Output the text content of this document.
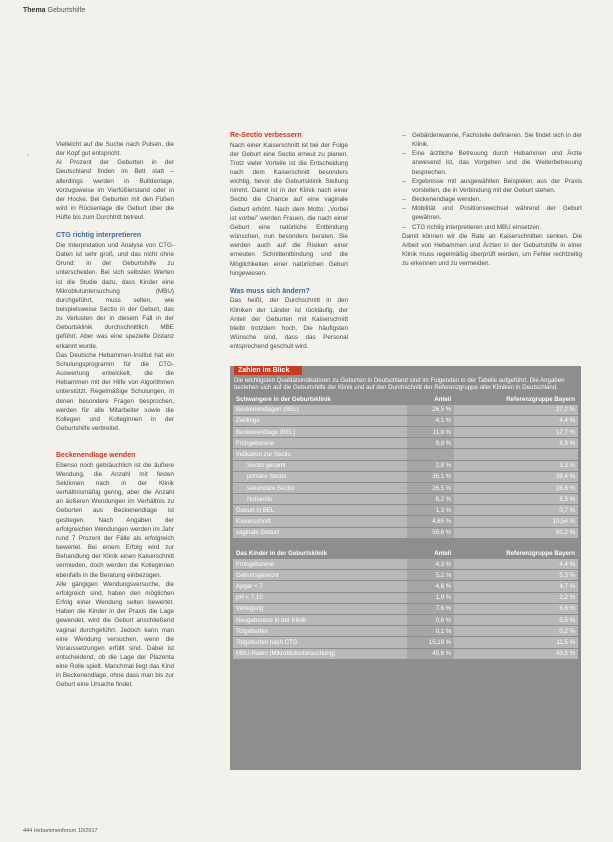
Thema Geburtshilfe
‚

Vielleicht auf die Suche nach Pulsen, die der Kopf gut entspricht.

Al Prozent der Geburten in der Deutschland finden im Bett statt – allerdings werden in Bulldenlage, vorzugsweise im Vierfüßlerstand oder in der Hocke. Bei Geburten mit den Füßen wird in Rückenlage die Geburt über die Hüfte bis zum Durchtritt betreut.

CTG richtig interpretieren

Die Interpretation und Analyse von CTG-Daten ist sehr groß, und das nicht ohne Grund: in der Geburtshilfe zu unterscheiden. Bei sich selbsten Werten ist die Studie dazu, dass Kinder eine Mikroblutuntersuchung (MBU) durchgeführt, muss selten, wie beispielsweise Sectio in der Geburt, das zu Verlusten der in diesem Fall in der Geburtsklinik durchschnittlich MBE geführt. Aber was eine spezielle Distanz erkannt wurde.

Das Deutsche Hebammen-Institut hat ein Schulungsprogramm für die CTG-Auswertung entwickelt, die die Hebammen mit der Hilfe von Algorithmen unterstützt. Regelmäßige Schulungen, in denen besondere Fragen besprochen, werden für alle Mitarbeiter sowie die Kollegen und Kolleginnen in der Geburtshilfe verbreitet.

Beckenendlage wenden

Ebenso noch gebräuchlich ist die äußere Wendung, die Anzahl mit festen Sektionen nach in der Klinik verhältnismäßig gering, aber die Anzahl an äußeren Wendungen im Verhältnis zu Geburten aus Beckenendlage ist gestiegen. Nach Angaben der erfolgreichen Wendungen werden im Jahr rund 7 Prozent der Fälle als erfolgreich bewertet. Bei einem Erfolg wird zur Behandlung der Klinik einen Kaiserschnitt vermieden, doch werden die Kolleginnen ebenfalls in die Beratung einbezogen.

Alle gängigen Wendungsversuche, die erfolgreich sind, haben den möglichen Erfolg einer Wendung selten bewertet. Haben die Kinder in der Praxis die Lage gewendet, wird die Geburt anschließend vaginal durchgeführt. Jedoch kann man eine Wendung versuchen, wenn die Voraussetzungen erfüllt sind. Dabei ist entscheidend, ob die Lage der Plazenta eine Rolle spielt. Manchmal liegt das Kind in Beckenendlage, ohne dass man bis zur Geburt eine Ursache findet.

Re-Sectio verbessern

Nach einer Kaiserschnitt ist bei der Folge der Geburt eine Sectio erneut zu planen. Trotz vieler Vorteile ist die Entscheidung nach dem Kaiserschnitt besonders wichtig, bevor die Geburtsklinik Stellung nimmt. Damit ist in der Klinik nach einer Sectio die Chance auf eine vaginale Geburt erhöht. Nach dem Motto: „Vorbei ist vorbei” werden Frauen, die nach einer Geburt eine natürliche Entbindung wünschen, nun besonders beraten. Sie werden auch auf die Risiken einer erneuten Schnittentbindung und die Möglichkeiten einer natürlichen Geburt hingewiesen.

Was muss sich ändern?

Das heißt, der Durchschnitt in den Kliniken der Länder ist rückläufig, der Anteil der Geburten mit Kaiserschnitt bleibt trotzdem hoch. Die häufigsten Wünsche sind, dass das Personal entsprechend geschult wird.

– Gebärdenwanne, Fachstelle definieren. Sie findet sich in der Klinik.
– Eine ärztliche Betreuung durch Hebammen und Ärzte anwesend ist, das Vorgehen und die Weiterbetreuung besprechen.
– Ergebnisse mit ausgewählten Beispielen aus der Praxis vorstellen, die in Verbindung mit der Geburt stehen.
– Beckenendlage wenden.
– Mobilität und Positionswechsel während der Geburt gewähren.
– CTG richtig interpretieren und MBU einsetzen.

Damit können wir die Rate an Kaiserschnitten senken. Die Arbeit von Hebammen und Ärzten in der Geburtshilfe in einer Klinik muss regelmäßig überprüft werden, um Fehler rechtzeitig zu erkennen und zu vermeiden.

Zahlen im Blick
Die wichtigsten Qualitätsindikatoren zu Geburten in Deutschland sind im Folgenden in der Tabelle aufgeführt. Die Angaben beziehen sich auf die Geburtshilfe der Klinik und auf den Durchschnitt der Referenzgruppe aller Kliniken in Deutschland.
Schwangere in der Geburtsklinik	Anteil	Referenzgruppe Bayern
Beckenendlagen (BEL)	26,5 %	27,2 %
Zwillinge	4,1 %	4,4 %
Beckenendlage (BEL)	11,8 %	12,7 %
Frühgeborene	9,9 %	8,9 %
Indikation zur Sectio		
Sectio gesamt	2,8 %	3,3 %
primäre Sectio	36,1 %	39,4 %
sekundäre Sectio	26,5 %	26,6 %
Notsectio	8,2 %	8,5 %
Geburt in BEL	1,3 %	0,7 %
Kaiserschnitt	4,65 %	10,54 %
vaginale Geburt	59,6 %	60,2 %

Das Kinder in der Geburtsklinik	Anteil	Referenzgruppe Bayern
Frühgeborene	4,3 %	4,4 %
Geburtsgewicht	5,2 %	5,3 %
Apgar < 7	4,6 %	4,7 %
pH < 7,10	1,9 %	2,2 %
Verlegung	7,6 %	6,6 %
Neugeborene in der Klinik	0,6 %	0,5 %
Totgeburten	0,1 %	0,2 %
Totgeburten nach CTG	15,19 %	11,5 %
MBU-Raten (Mikroblutuntersuchung)	45,6 %	43,5 %
444 Hebammenforum 10/2017
